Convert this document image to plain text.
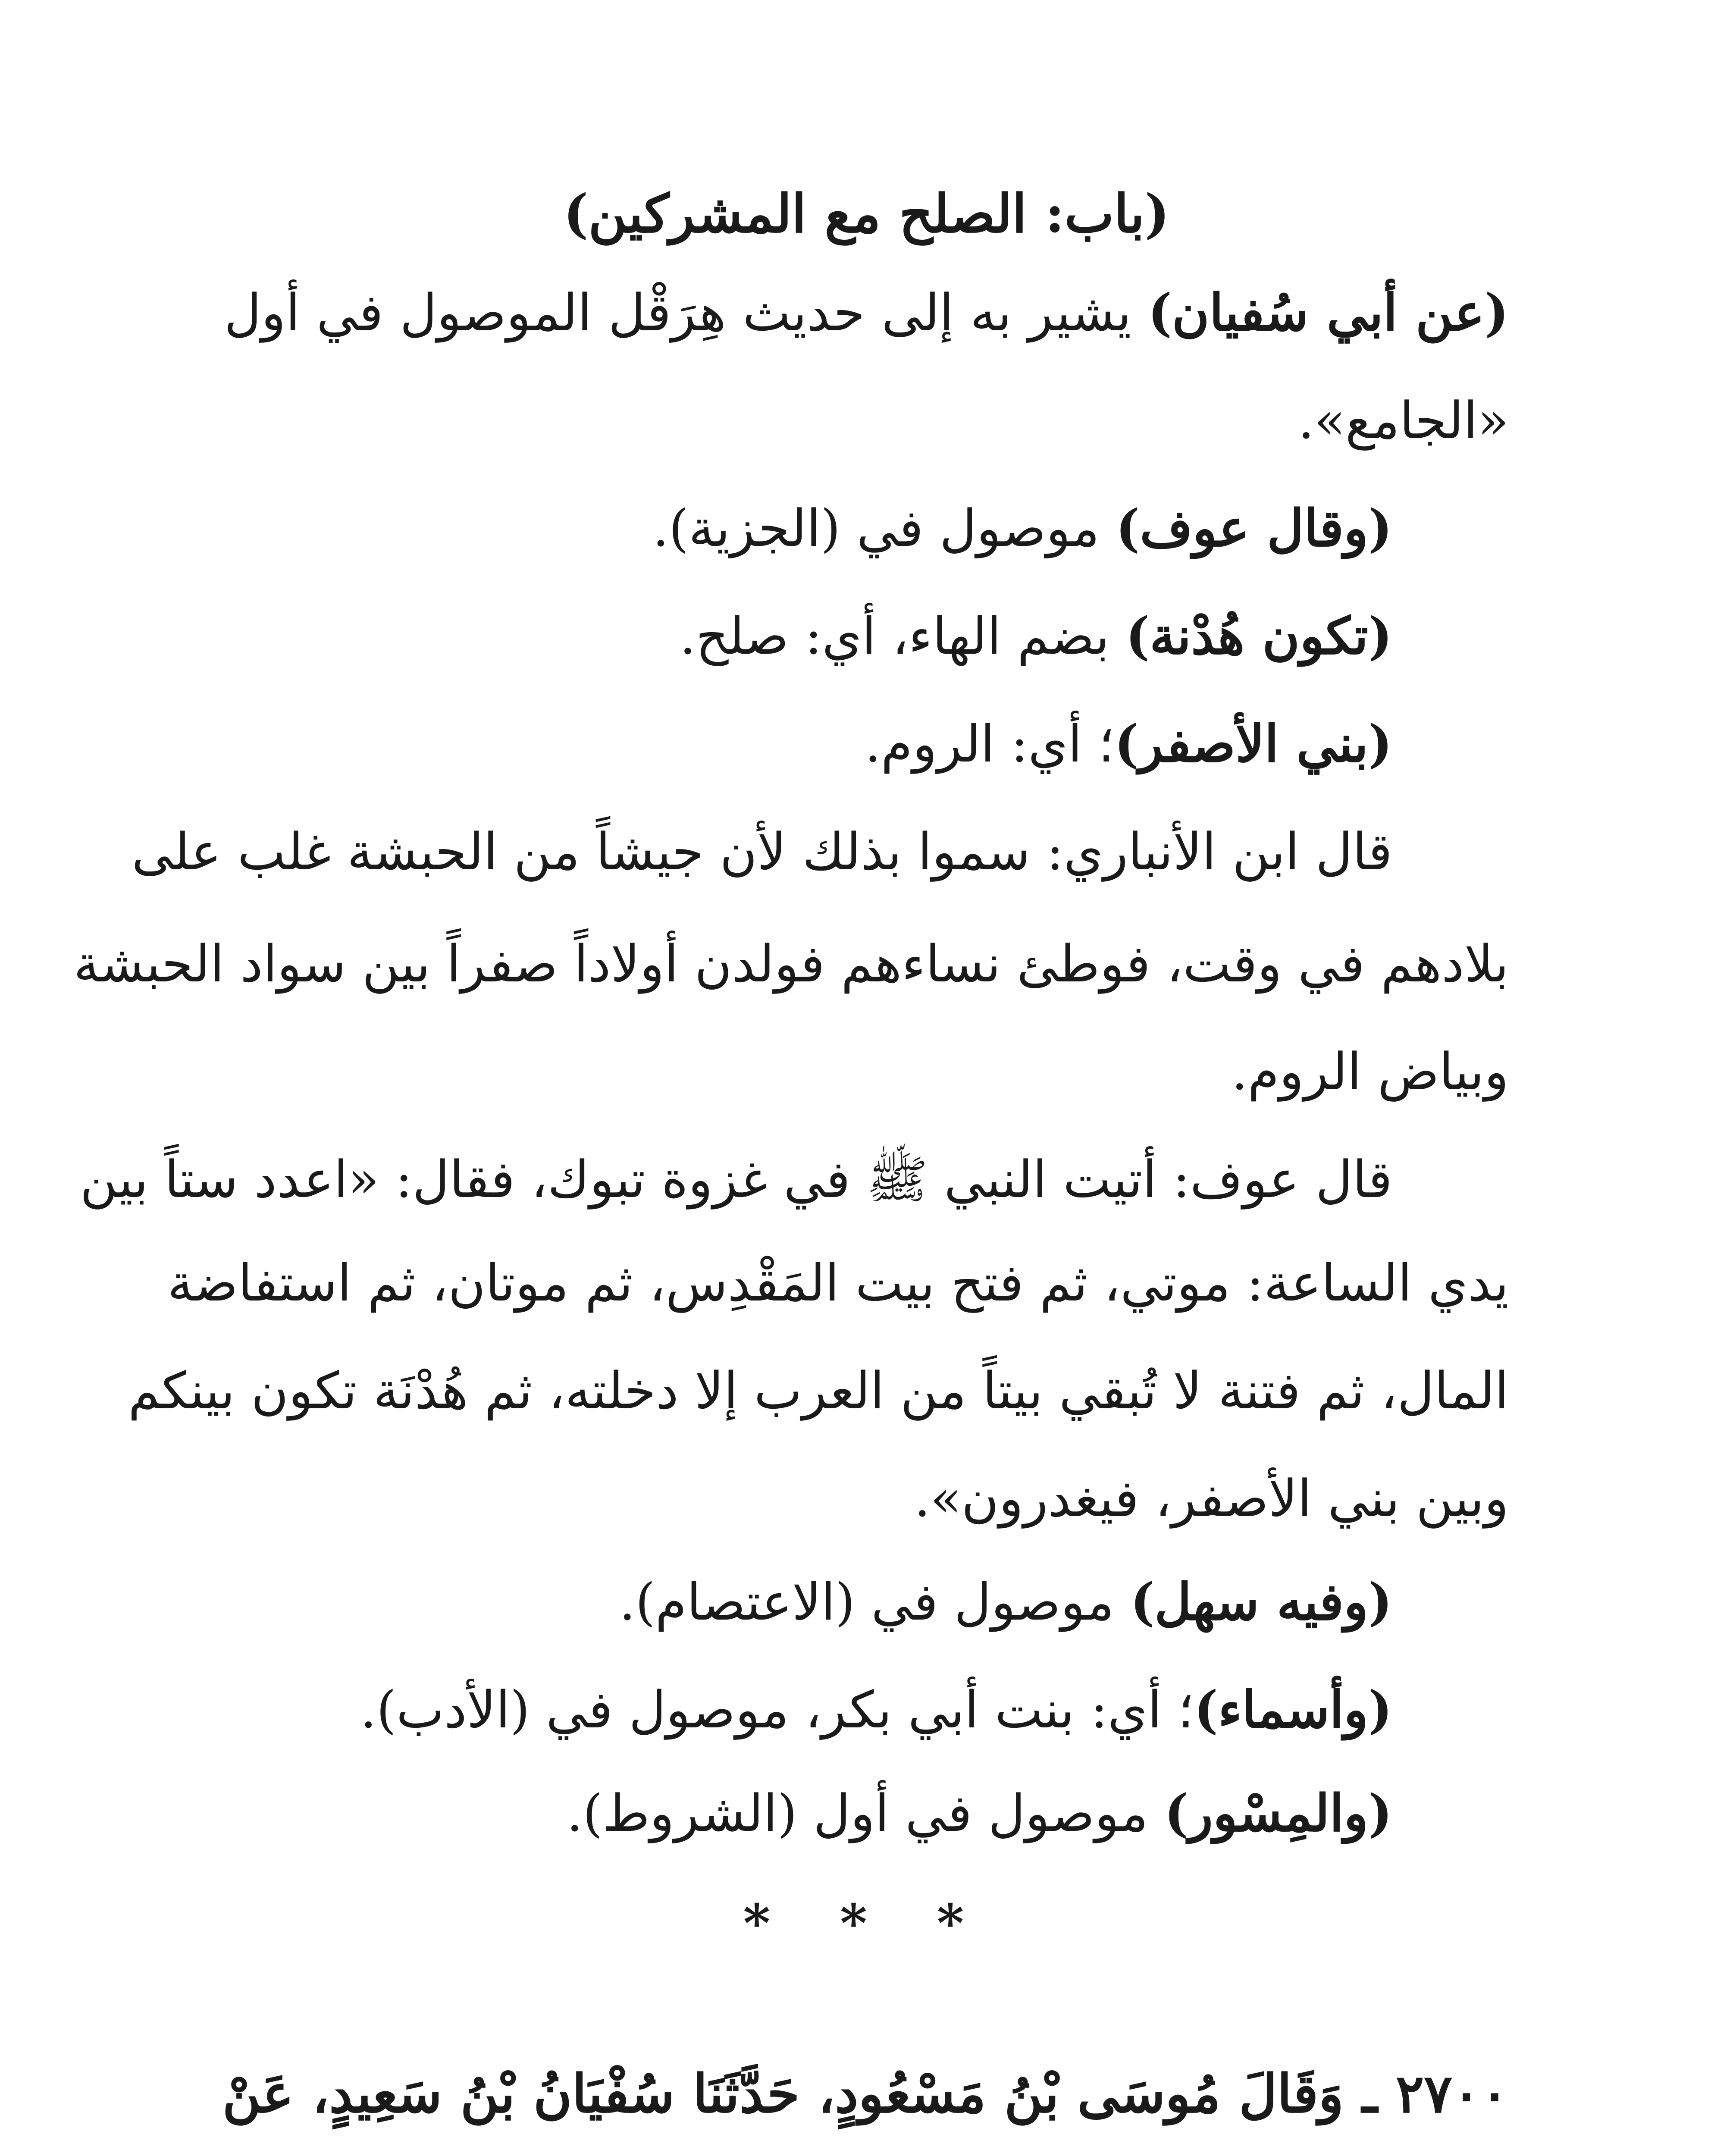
(باب: الصلح مع المشركين)
(عن أبي سُفيان) يشير به إلى حديث هِرَقْل الموصول في أول
«الجامع».
(وقال عوف) موصول في (الجزية).
(تكون هُدْنة) بضم الهاء، أي: صلح.
(بني الأصفر)؛ أي: الروم.
قال ابن الأنباري: سموا بذلك لأن جيشاً من الحبشة غلب على
بلادهم في وقت، فوطئ نساءهم فولدن أولاداً صفراً بين سواد الحبشة
وبياض الروم.
قال عوف: أتيت النبي ﷺ في غزوة تبوك، فقال: «اعدد ستاً بين
يدي الساعة: موتي، ثم فتح بيت المَقْدِس، ثم موتان، ثم استفاضة
المال، ثم فتنة لا تُبقي بيتاً من العرب إلا دخلته، ثم هُدْنَة تكون بينكم
وبين بني الأصفر، فيغدرون».
(وفيه سهل) موصول في (الاعتصام).
(وأسماء)؛ أي: بنت أبي بكر، موصول في (الأدب).
(والمِسْور) موصول في أول (الشروط).
* * *
٢٧٠٠ ـ وَقَالَ مُوسَى بْنُ مَسْعُودٍ، حَدَّثَنَا سُفْيَانُ بْنُ سَعِيدٍ، عَنْ
